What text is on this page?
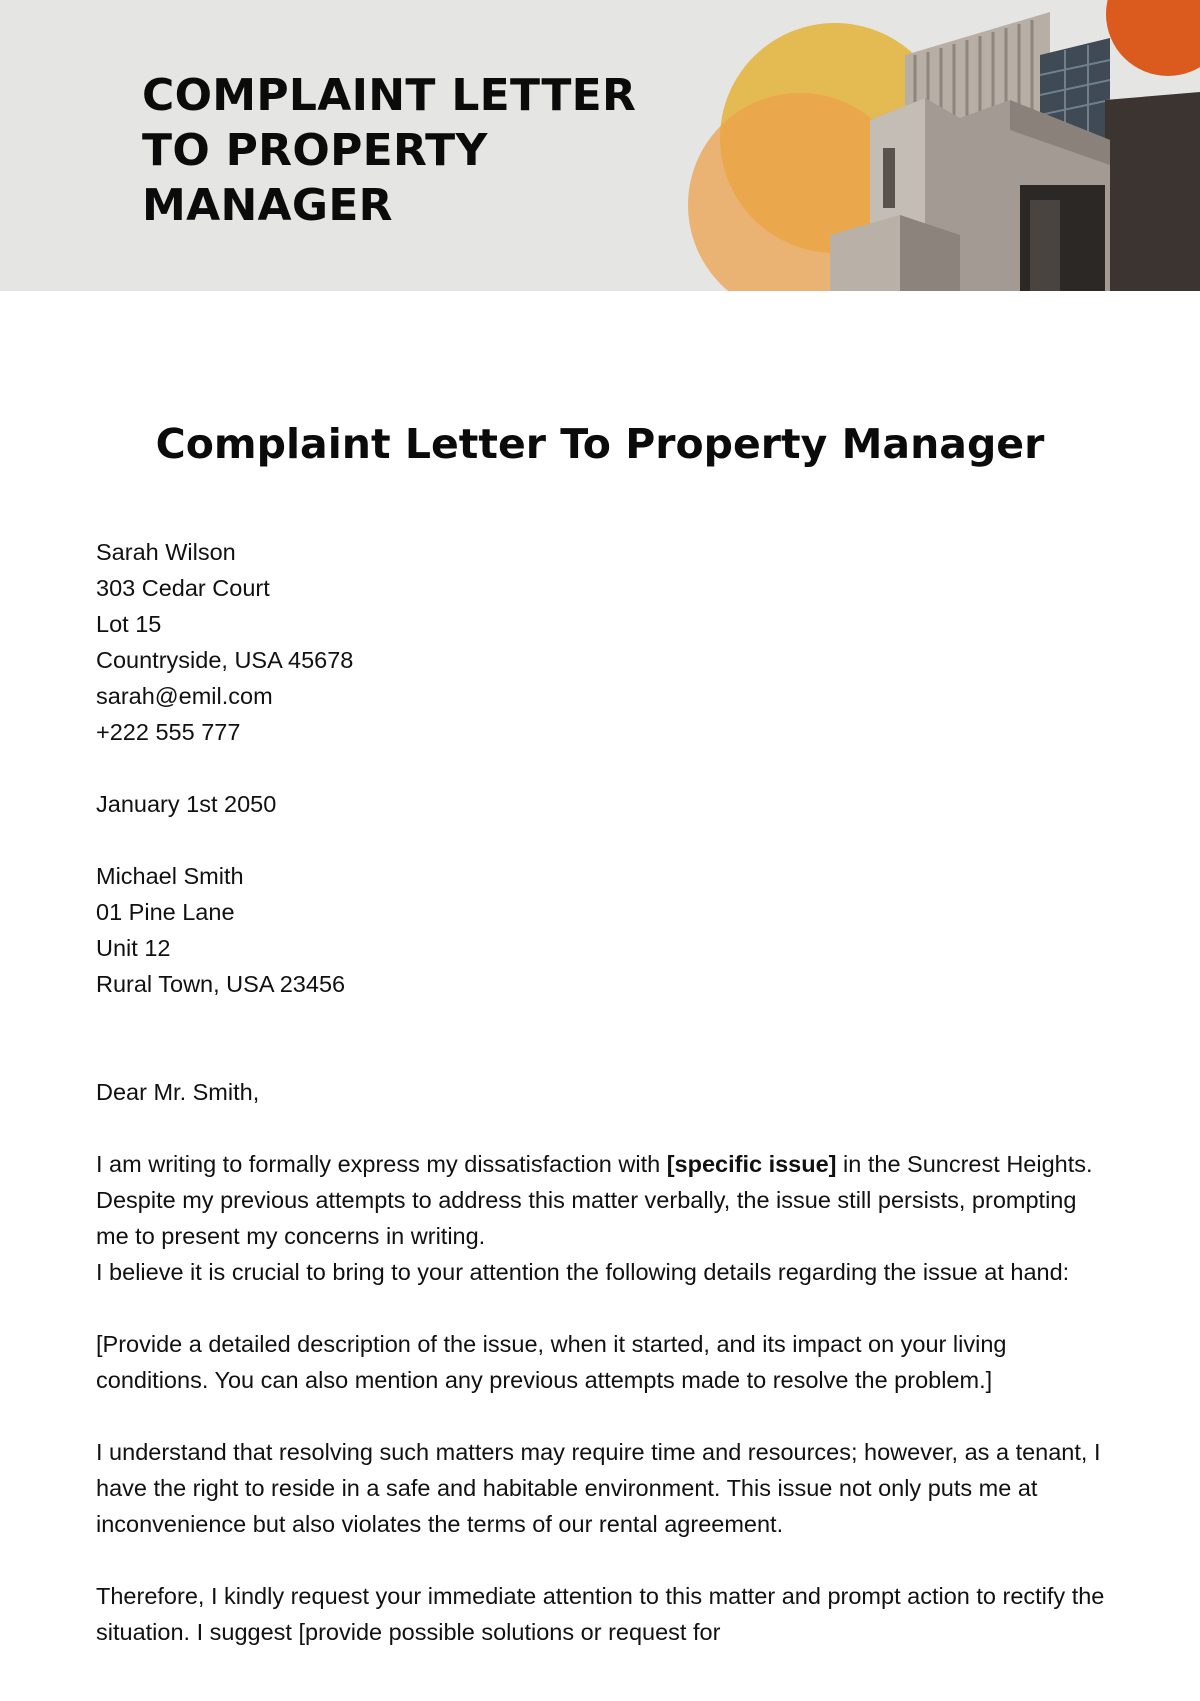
COMPLAINT LETTER
TO PROPERTY
MANAGER
Complaint Letter To Property Manager
Sarah Wilson
303 Cedar Court
Lot 15
Countryside, USA 45678
sarah@emil.com
+222 555 777
January 1st 2050
Michael Smith
01 Pine Lane
Unit 12
Rural Town, USA 23456
Dear Mr. Smith,

I am writing to formally express my dissatisfaction with [specific issue] in the Suncrest Heights. Despite my previous attempts to address this matter verbally, the issue still persists, prompting me to present my concerns in writing.

I believe it is crucial to bring to your attention the following details regarding the issue at hand:

[Provide a detailed description of the issue, when it started, and its impact on your living conditions. You can also mention any previous attempts made to resolve the problem.]

I understand that resolving such matters may require time and resources; however, as a tenant, I have the right to reside in a safe and habitable environment. This issue not only puts me at inconvenience but also violates the terms of our rental agreement.

Therefore, I kindly request your immediate attention to this matter and prompt action to rectify the situation. I suggest [provide possible solutions or request for
